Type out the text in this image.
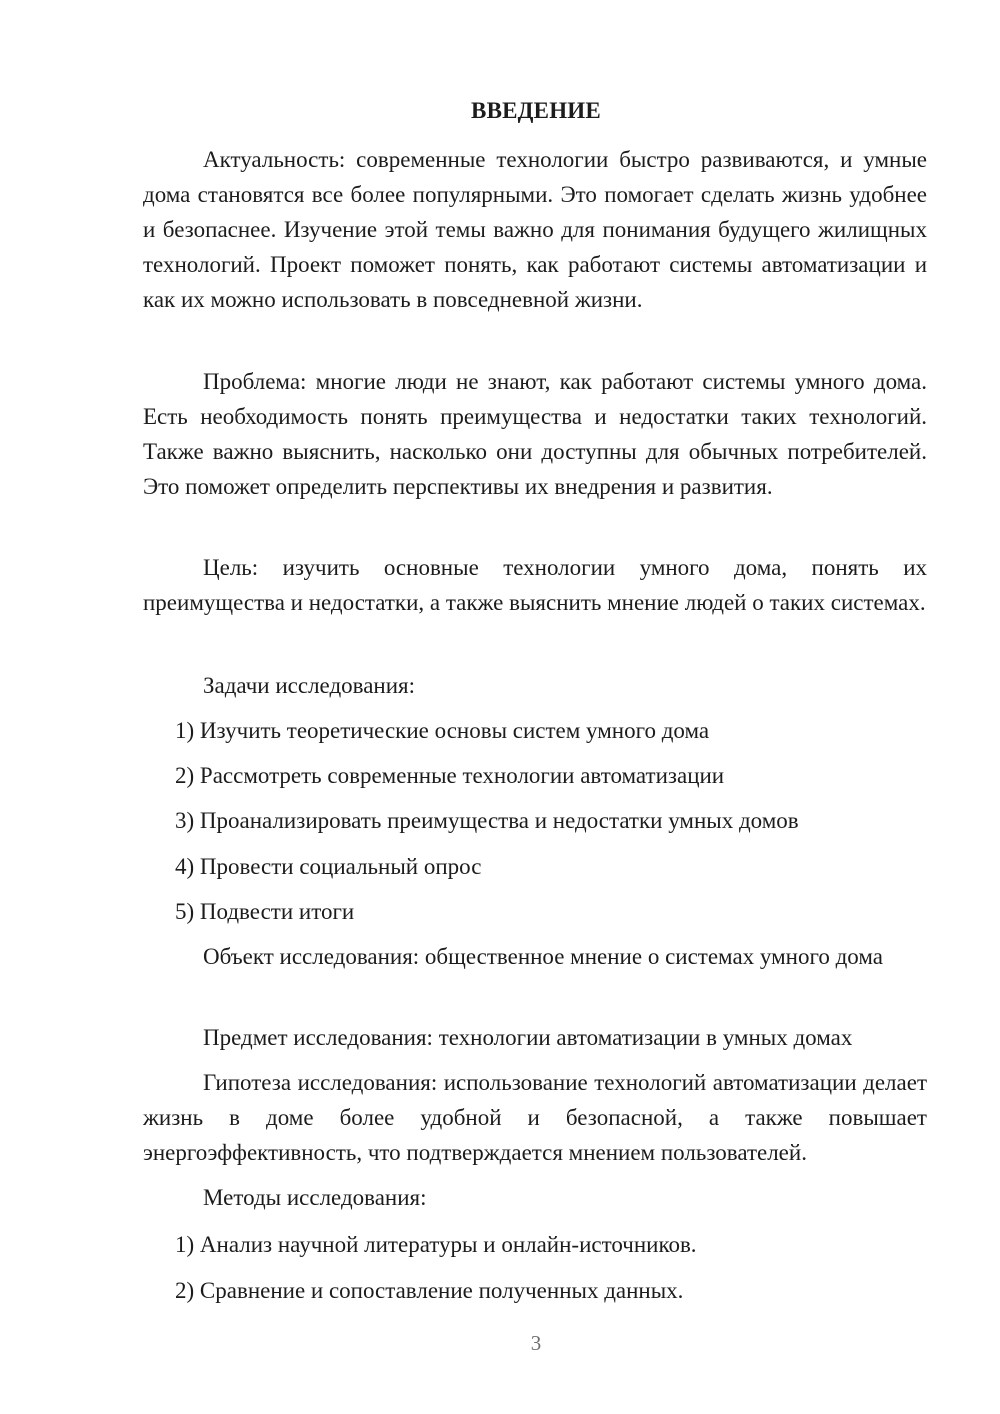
ВВЕДЕНИЕ

Актуальность: современные технологии быстро развиваются, и умные дома становятся все более популярными. Это помогает сделать жизнь удобнее и безопаснее. Изучение этой темы важно для понимания будущего жилищных технологий. Проект поможет понять, как работают системы автоматизации и как их можно использовать в повседневной жизни.

Проблема: многие люди не знают, как работают системы умного дома. Есть необходимость понять преимущества и недостатки таких технологий. Также важно выяснить, насколько они доступны для обычных потребителей. Это поможет определить перспективы их внедрения и развития.

Цель: изучить основные технологии умного дома, понять их преимущества и недостатки, а также выяснить мнение людей о таких системах.

Задачи исследования:

1) Изучить теоретические основы систем умного дома

2) Рассмотреть современные технологии автоматизации

3) Проанализировать преимущества и недостатки умных домов

4) Провести социальный опрос

5) Подвести итоги

Объект исследования: общественное мнение о системах умного дома

Предмет исследования: технологии автоматизации в умных домах

Гипотеза исследования: использование технологий автоматизации делает жизнь в доме более удобной и безопасной, а также повышает энергоэффективность, что подтверждается мнением пользователей.

Методы исследования:

1) Анализ научной литературы и онлайн-источников.

2) Сравнение и сопоставление полученных данных.

3
